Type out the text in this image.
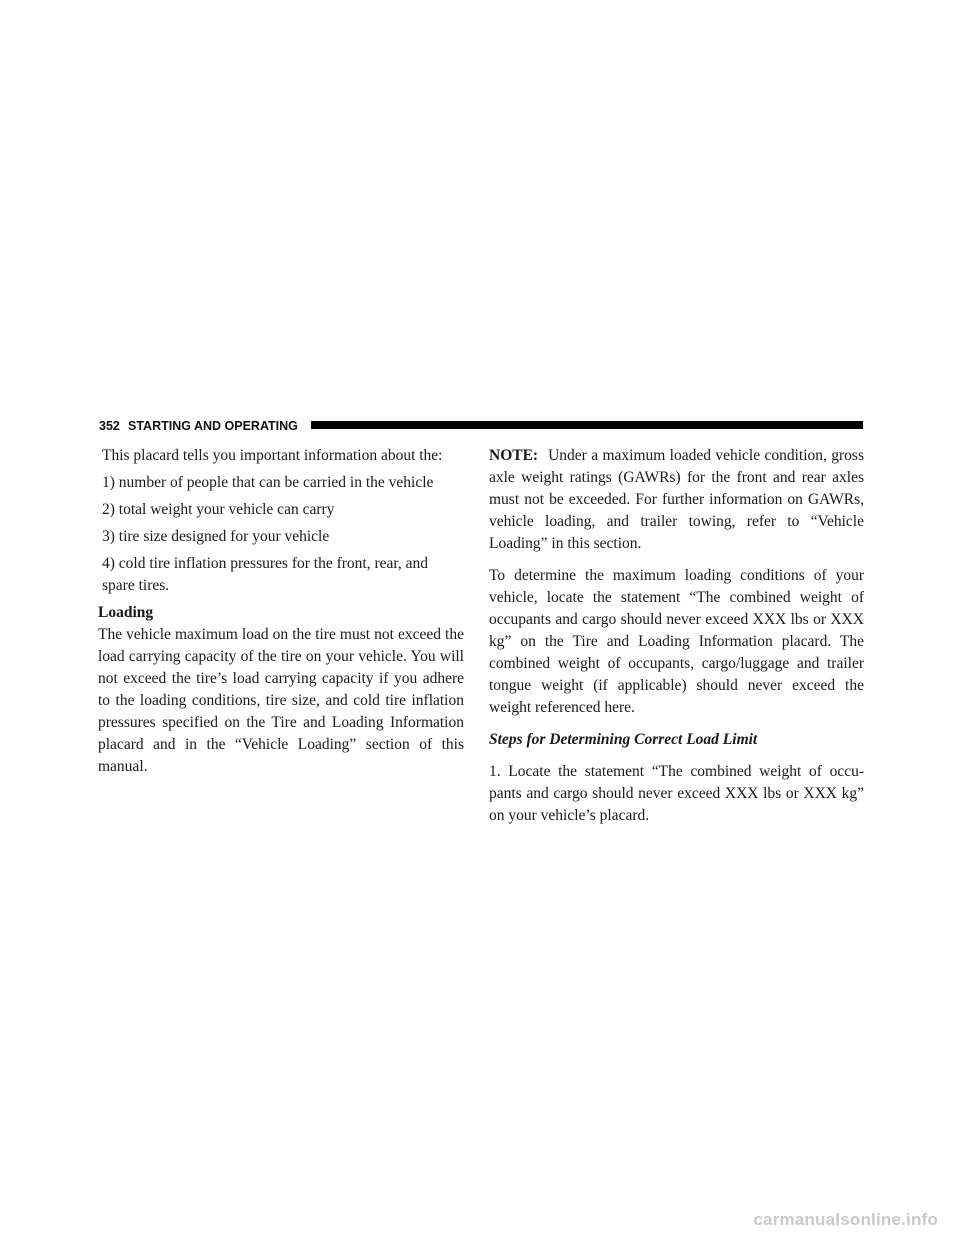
352 STARTING AND OPERATING

This placard tells you important information about the:

1) number of people that can be carried in the vehicle
2) total weight your vehicle can carry
3) tire size designed for your vehicle
4) cold tire inflation pressures for the front, rear, and spare tires.
Loading

The vehicle maximum load on the tire must not exceed the load carrying capacity of the tire on your vehicle. You will not exceed the tire’s load carrying capacity if you adhere to the loading conditions, tire size, and cold tire inflation pressures specified on the Tire and Loading Information placard and in the “Vehicle Loading” section of this manual.

NOTE: Under a maximum loaded vehicle condition, gross axle weight ratings (GAWRs) for the front and rear axles must not be exceeded. For further information on GAWRs, vehicle loading, and trailer towing, refer to “Vehicle Loading” in this section.

To determine the maximum loading conditions of your vehicle, locate the statement “The combined weight of occupants and cargo should never exceed XXX lbs or XXX kg” on the Tire and Loading Information placard. The combined weight of occupants, cargo/luggage and trailer tongue weight (if applicable) should never exceed the weight referenced here.

Steps for Determining Correct Load Limit

1. Locate the statement “The combined weight of occu-pants and cargo should never exceed XXX lbs or XXX kg” on your vehicle’s placard.

carmanualsonline.info
